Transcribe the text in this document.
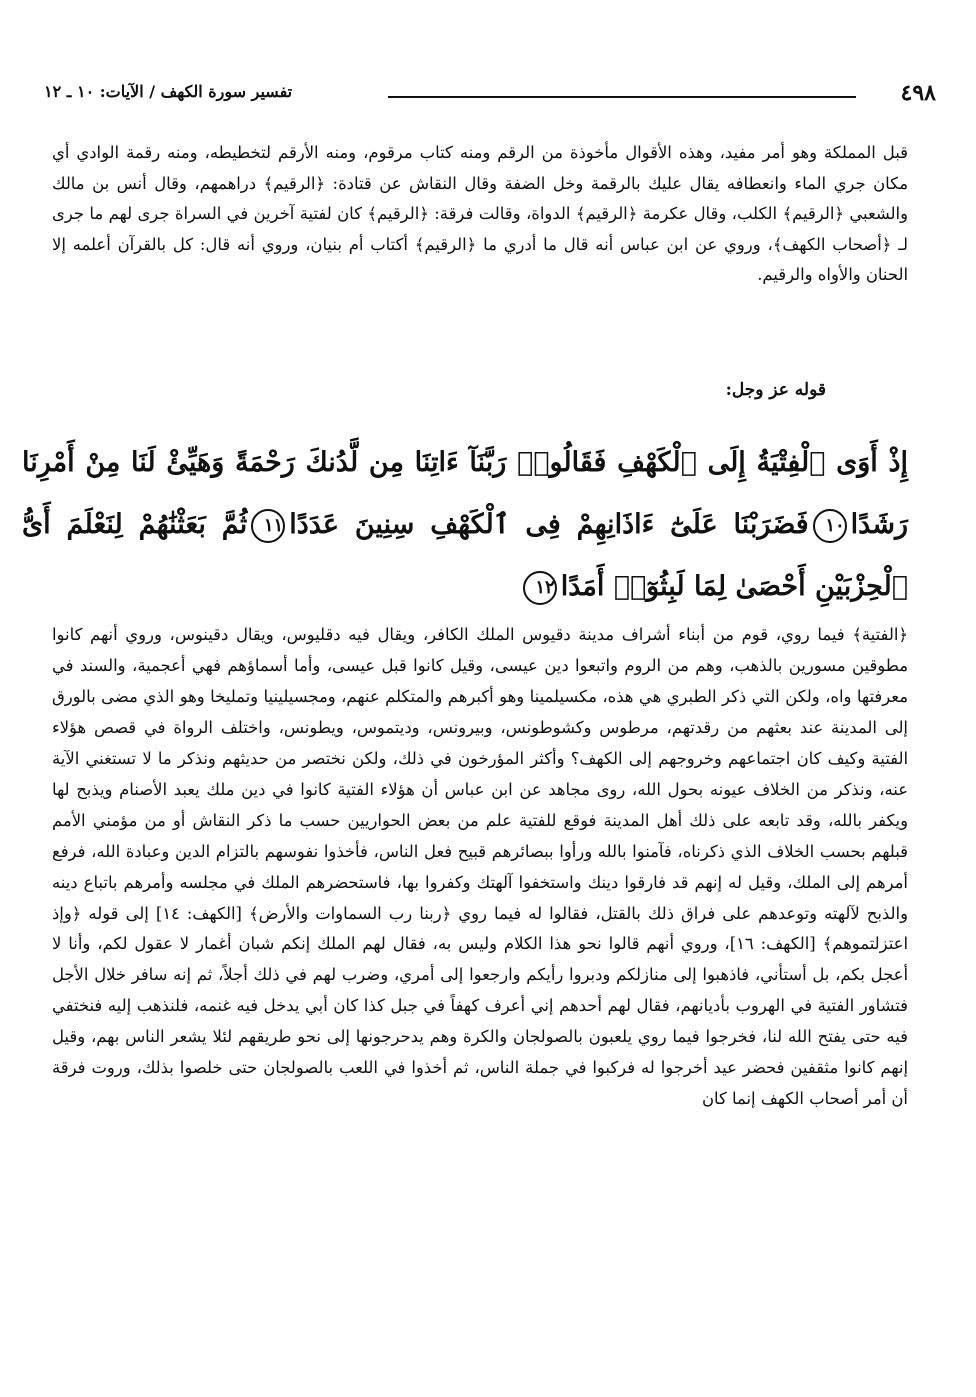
٤٩٨
تفسير سورة الكهف / الآيات: ١٠ ـ ١٢

قبل المملكة وهو أمر مفيد، وهذه الأقوال مأخوذة من الرقم ومنه كتاب مرقوم، ومنه الأرقم لتخطيطه، ومنه رقمة الوادي أي مكان جري الماء وانعطافه يقال عليك بالرقمة وخل الضفة وقال النقاش عن قتادة: ﴿الرقيم﴾ دراهمهم، وقال أنس بن مالك والشعبي ﴿الرقيم﴾ الكلب، وقال عكرمة ﴿الرقيم﴾ الدواة، وقالت فرقة: ﴿الرقيم﴾ كان لفتية آخرين في السراة جرى لهم ما جرى لـ ﴿أصحاب الكهف﴾، وروي عن ابن عباس أنه قال ما أدري ما ﴿الرقيم﴾ أكتاب أم بنيان، وروي أنه قال: كل بالقرآن أعلمه إلا الحنان والأواه والرقيم.

قوله عز وجل:
إِذْ أَوَى ٱلْفِتْيَةُ إِلَى ٱلْكَهْفِ فَقَالُوا۟ رَبَّنَآ ءَاتِنَا مِن لَّدُنكَ رَحْمَةً وَهَيِّئْ لَنَا مِنْ أَمْرِنَا رَشَدًا١٠فَضَرَبْنَا عَلَىٰٓ ءَاذَانِهِمْ فِى ٱلْكَهْفِ سِنِينَ عَدَدًا١١ثُمَّ بَعَثْنَٰهُمْ لِنَعْلَمَ أَىُّ ٱلْحِزْبَيْنِ أَحْصَىٰ لِمَا لَبِثُوٓا۟ أَمَدًا١٢

﴿الفتية﴾ فيما روي، قوم من أبناء أشراف مدينة دقيوس الملك الكافر، ويقال فيه دقليوس، ويقال دقينوس، وروي أنهم كانوا مطوقين مسورين بالذهب، وهم من الروم واتبعوا دين عيسى، وقيل كانوا قبل عيسى، وأما أسماؤهم فهي أعجمية، والسند في معرفتها واه، ولكن التي ذكر الطبري هي هذه، مكسيلمينا وهو أكبرهم والمتكلم عنهم، ومجسيلينيا وتمليخا وهو الذي مضى بالورق إلى المدينة عند بعثهم من رقدتهم، مرطوس وكشوطونس، وبيرونس، وديتموس، ويطونس، واختلف الرواة في قصص هؤلاء الفتية وكيف كان اجتماعهم وخروجهم إلى الكهف؟ وأكثر المؤرخون في ذلك، ولكن نختصر من حديثهم ونذكر ما لا تستغني الآية عنه، ونذكر من الخلاف عيونه بحول الله، روى مجاهد عن ابن عباس أن هؤلاء الفتية كانوا في دين ملك يعبد الأصنام ويذبح لها ويكفر بالله، وقد تابعه على ذلك أهل المدينة فوقع للفتية علم من بعض الحواريين حسب ما ذكر النقاش أو من مؤمني الأمم قبلهم بحسب الخلاف الذي ذكرناه، فآمنوا بالله ورأوا ببصائرهم قبيح فعل الناس، فأخذوا نفوسهم بالتزام الدين وعبادة الله، فرفع أمرهم إلى الملك، وقيل له إنهم قد فارقوا دينك واستخفوا آلهتك وكفروا بها، فاستحضرهم الملك في مجلسه وأمرهم باتباع دينه والذبح لآلهته وتوعدهم على فراق ذلك بالقتل، فقالوا له فيما روي ﴿ربنا رب السماوات والأرض﴾ [الكهف: ١٤] إلى قوله ﴿وإذ اعتزلتموهم﴾ [الكهف: ١٦]، وروي أنهم قالوا نحو هذا الكلام وليس به، فقال لهم الملك إنكم شبان أغمار لا عقول لكم، وأنا لا أعجل بكم، بل أستأني، فاذهبوا إلى منازلكم ودبروا رأيكم وارجعوا إلى أمري، وضرب لهم في ذلك أجلاً، ثم إنه سافر خلال الأجل فتشاور الفتية في الهروب بأديانهم، فقال لهم أحدهم إني أعرف كهفاً في جبل كذا كان أبي يدخل فيه غنمه، فلنذهب إليه فنختفي فيه حتى يفتح الله لنا، فخرجوا فيما روي يلعبون بالصولجان والكرة وهم يدحرجونها إلى نحو طريقهم لئلا يشعر الناس بهم، وقيل إنهم كانوا مثقفين فحضر عيد أخرجوا له فركبوا في جملة الناس، ثم أخذوا في اللعب بالصولجان حتى خلصوا بذلك، وروت فرقة أن أمر أصحاب الكهف إنما كان
